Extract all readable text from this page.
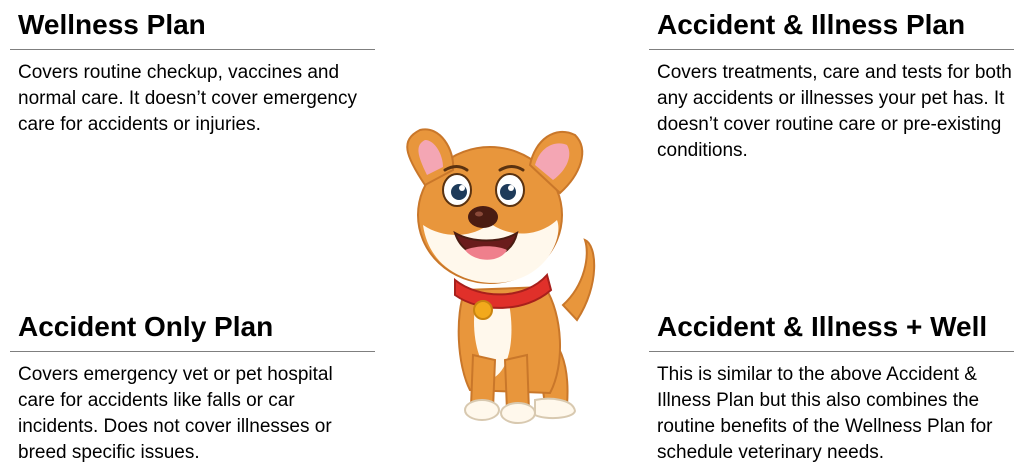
Wellness Plan
Covers routine checkup, vaccines and normal care. It doesn’t cover emergency care for accidents or injuries.
Accident & Illness Plan
Covers treatments, care and tests for both any accidents or illnesses your pet has. It doesn’t cover routine care or pre-existing conditions.
Accident Only Plan
Covers emergency vet or pet hospital care for accidents like falls or car incidents. Does not cover illnesses or breed specific issues.
Accident & Illness + Well
This is similar to the above Accident & Illness Plan but this also combines the routine benefits of the Wellness Plan for schedule veterinary needs.
